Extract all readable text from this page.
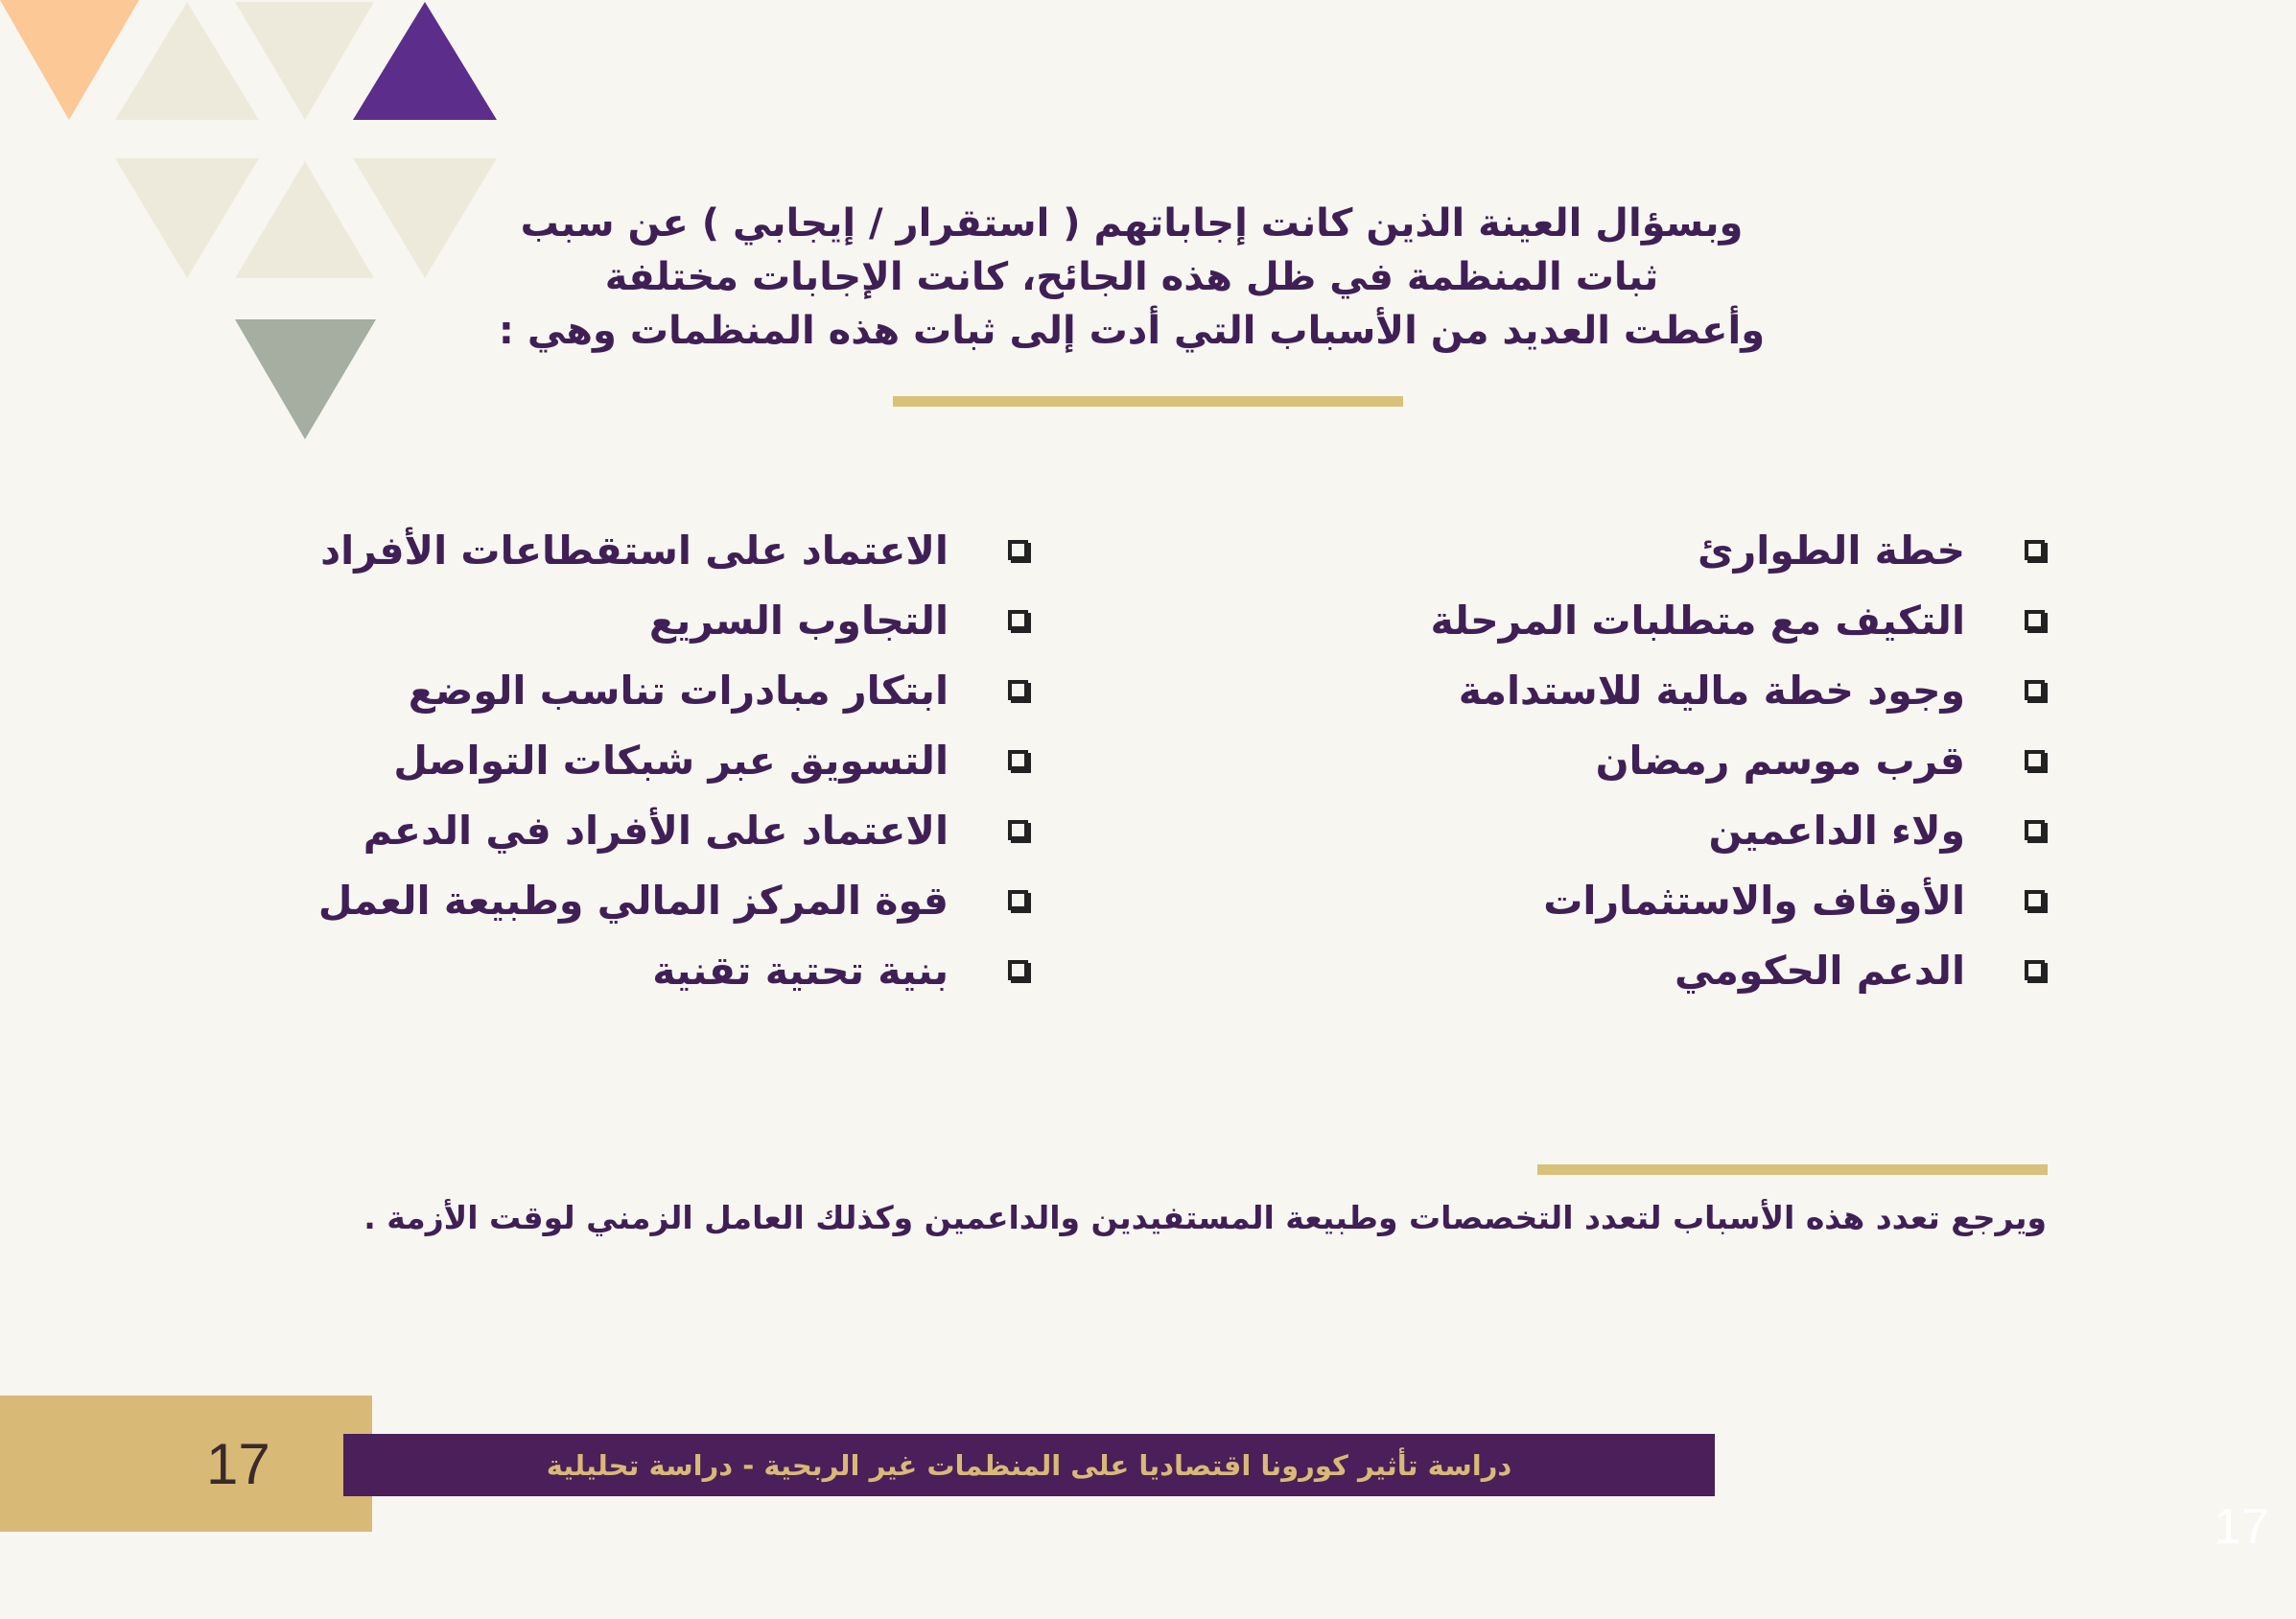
وبسؤال العينة الذين كانت إجاباتهم ( استقرار / إيجابي ) عن سبب
ثبات المنظمة في ظل هذه الجائح، كانت الإجابات مختلفة
وأعطت العديد من الأسباب التي أدت إلى ثبات هذه المنظمات وهي :
خطة الطوارئ
التكيف مع متطلبات المرحلة
وجود خطة مالية للاستدامة
قرب موسم رمضان
ولاء الداعمين
الأوقاف والاستثمارات
الدعم الحكومي
الاعتماد على استقطاعات الأفراد
التجاوب السريع
ابتكار مبادرات تناسب الوضع
التسويق عبر شبكات التواصل
الاعتماد على الأفراد في الدعم
قوة المركز المالي وطبيعة العمل
بنية تحتية تقنية
ويرجع تعدد هذه الأسباب لتعدد التخصصات وطبيعة المستفيدين والداعمين وكذلك العامل الزمني لوقت الأزمة .
17	دراسة تأثير كورونا اقتصاديا على المنظمات غير الربحية - دراسة تحليلية
17
